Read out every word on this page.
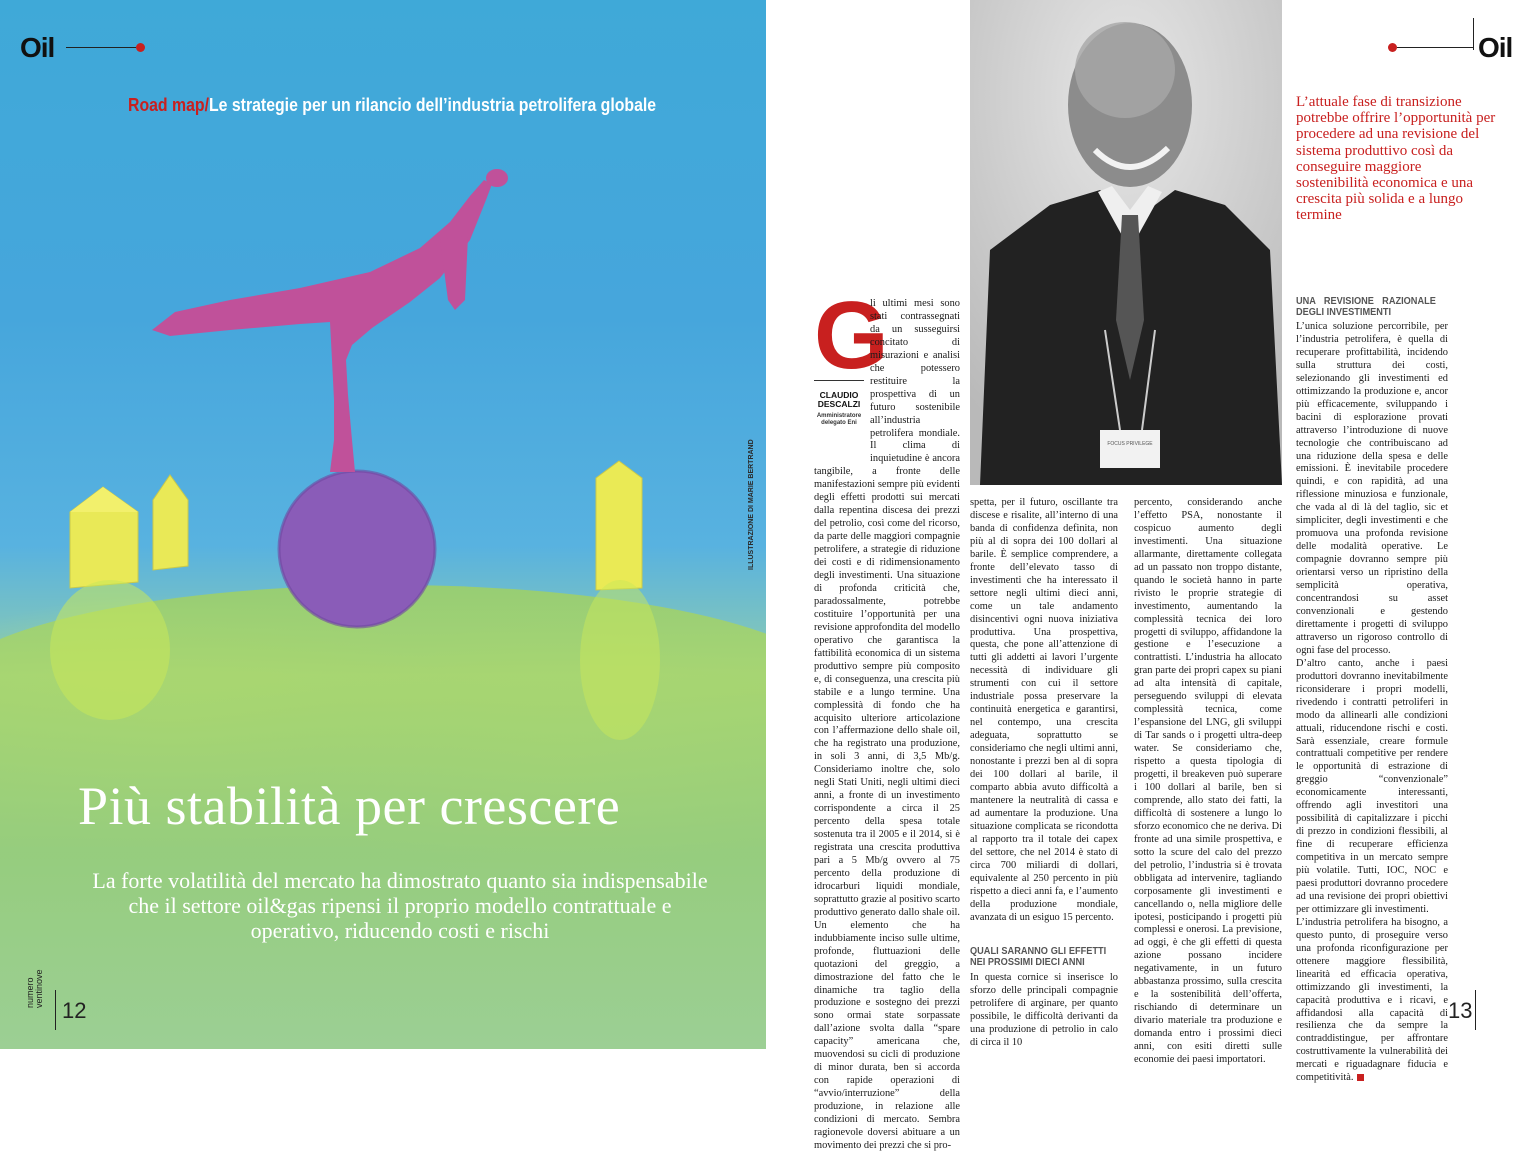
Oil
Road map/Le strategie per un rilancio dell’industria petrolifera globale
Più stabilità per crescere
La forte volatilità del mercato ha dimostrato quanto sia indispensabile che il settore oil&gas ripensi il proprio modello contrattuale e operativo, riducendo costi e rischi
ILLUSTRAZIONE DI MARIE BERTRAND
numero ventinove
12
Oil
FOCUS PRIVILEGE
L’attuale fase di transizione potrebbe offrire l’opportunità per procedere ad una revisione del sistema produttivo così da conseguire maggiore sostenibilità economica e una crescita più solida e a lungo termine
G
CLAUDIO DESCALZI
Amministratore delegato Eni

li ultimi mesi sono stati contrassegnati da un susseguirsi concitato di misurazioni e analisi che potessero restituire la prospettiva di un futuro sostenibile all’industria petrolifera mondiale. Il clima di inquietudine è ancora tangibile, a fronte delle manifestazioni sempre più evidenti degli effetti prodotti sui mercati dalla repentina discesa dei prezzi del petrolio, così come del ricorso, da parte delle maggiori compagnie petrolifere, a strategie di riduzione dei costi e di ridimensionamento degli investimenti. Una situazione di profonda criticità che, paradossalmente, potrebbe costituire l’opportunità per una revisione approfondita del modello operativo che garantisca la fattibilità economica di un sistema produttivo sempre più composito e, di conseguenza, una crescita più stabile e a lungo termine. Una complessità di fondo che ha acquisito ulteriore articolazione con l’affermazione dello shale oil, che ha registrato una produzione, in soli 3 anni, di 3,5 Mb/g. Consideriamo inoltre che, solo negli Stati Uniti, negli ultimi dieci anni, a fronte di un investimento corrispondente a circa il 25 percento della spesa totale sostenuta tra il 2005 e il 2014, si è registrata una crescita produttiva pari a 5 Mb/g ovvero al 75 percento della produzione di idrocarburi liquidi mondiale, soprattutto grazie al positivo scarto produttivo generato dallo shale oil. Un elemento che ha indubbiamente inciso sulle ultime, profonde, fluttuazioni delle quotazioni del greggio, a dimostrazione del fatto che le dinamiche tra taglio della produzione e sostegno dei prezzi sono ormai state sorpassate dall’azione svolta dalla “spare capacity” americana che, muovendosi su cicli di produzione di minor durata, ben si accorda con rapide operazioni di “avvio/interruzione” della produzione, in relazione alle condizioni di mercato. Sembra ragionevole doversi abituare a un movimento dei prezzi che si pro-

spetta, per il futuro, oscillante tra discese e risalite, all’interno di una banda di confidenza definita, non più al di sopra dei 100 dollari al barile. È semplice comprendere, a fronte dell’elevato tasso di investimenti che ha interessato il settore negli ultimi dieci anni, come un tale andamento disincentivi ogni nuova iniziativa produttiva. Una prospettiva, questa, che pone all’attenzione di tutti gli addetti ai lavori l’urgente necessità di individuare gli strumenti con cui il settore industriale possa preservare la continuità energetica e garantirsi, nel contempo, una crescita adeguata, soprattutto se consideriamo che negli ultimi anni, nonostante i prezzi ben al di sopra dei 100 dollari al barile, il comparto abbia avuto difficoltà a mantenere la neutralità di cassa e ad aumentare la produzione. Una situazione complicata se ricondotta al rapporto tra il totale dei capex del settore, che nel 2014 è stato di circa 700 miliardi di dollari, equivalente al 250 percento in più rispetto a dieci anni fa, e l’aumento della produzione mondiale, avanzata di un esiguo 15 percento.

QUALI SARANNO GLI EFFETTI NEI PROSSIMI DIECI ANNI

In questa cornice si inserisce lo sforzo delle principali compagnie petrolifere di arginare, per quanto possibile, le difficoltà derivanti da una produzione di petrolio in calo di circa il 10

percento, considerando anche l’effetto PSA, nonostante il cospicuo aumento degli investimenti. Una situazione allarmante, direttamente collegata ad un passato non troppo distante, quando le società hanno in parte rivisto le proprie strategie di investimento, aumentando la complessità tecnica dei loro progetti di sviluppo, affidandone la gestione e l’esecuzione a contrattisti. L’industria ha allocato gran parte dei propri capex su piani ad alta intensità di capitale, perseguendo sviluppi di elevata complessità tecnica, come l’espansione del LNG, gli sviluppi di Tar sands o i progetti ultra-deep water. Se consideriamo che, rispetto a questa tipologia di progetti, il breakeven può superare i 100 dollari al barile, ben si comprende, allo stato dei fatti, la difficoltà di sostenere a lungo lo sforzo economico che ne deriva. Di fronte ad una simile prospettiva, e sotto la scure del calo del prezzo del petrolio, l’industria si è trovata obbligata ad intervenire, tagliando corposamente gli investimenti e cancellando o, nella migliore delle ipotesi, posticipando i progetti più complessi e onerosi. La previsione, ad oggi, è che gli effetti di questa azione possano incidere negativamente, in un futuro abbastanza prossimo, sulla crescita e la sostenibilità dell’offerta, rischiando di determinare un divario materiale tra produzione e domanda entro i prossimi dieci anni, con esiti diretti sulle economie dei paesi importatori.

UNA REVISIONE RAZIONALE DEGLI INVESTIMENTI

L’unica soluzione percorribile, per l’industria petrolifera, è quella di recuperare profittabilità, incidendo sulla struttura dei costi, selezionando gli investimenti ed ottimizzando la produzione e, ancor più efficacemente, sviluppando i bacini di esplorazione provati attraverso l’introduzione di nuove tecnologie che contribuiscano ad una riduzione della spesa e delle emissioni. È inevitabile procedere quindi, e con rapidità, ad una riflessione minuziosa e funzionale, che vada al di là del taglio, sic et simpliciter, degli investimenti e che promuova una profonda revisione delle modalità operative. Le compagnie dovranno sempre più orientarsi verso un ripristino della semplicità operativa, concentrandosi su asset convenzionali e gestendo direttamente i progetti di sviluppo attraverso un rigoroso controllo di ogni fase del processo.

D’altro canto, anche i paesi produttori dovranno inevitabilmente riconsiderare i propri modelli, rivedendo i contratti petroliferi in modo da allinearli alle condizioni attuali, riducendone rischi e costi. Sarà essenziale, creare formule contrattuali competitive per rendere le opportunità di estrazione di greggio “convenzionale” economicamente interessanti, offrendo agli investitori una possibilità di capitalizzare i picchi di prezzo in condizioni flessibili, al fine di recuperare efficienza competitiva in un mercato sempre più volatile. Tutti, IOC, NOC e paesi produttori dovranno procedere ad una revisione dei propri obiettivi per ottimizzare gli investimenti.

L’industria petrolifera ha bisogno, a questo punto, di proseguire verso una profonda riconfigurazione per ottenere maggiore flessibilità, linearità ed efficacia operativa, ottimizzando gli investimenti, la capacità produttiva e i ricavi, e affidandosi alla capacità di resilienza che da sempre la contraddistingue, per affrontare costruttivamente la vulnerabilità dei mercati e riguadagnare fiducia e competitività.

13
